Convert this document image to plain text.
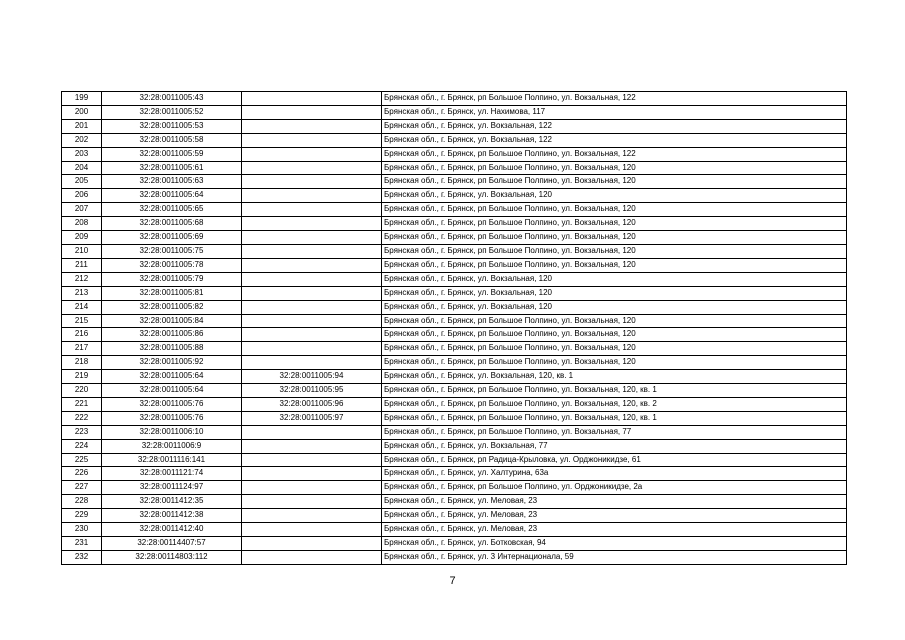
199	32:28:0011005:43		Брянская обл., г. Брянск, рп Большое Полпино, ул. Вокзальная, 122
200	32:28:0011005:52		Брянская обл., г. Брянск, ул. Нахимова, 117
201	32:28:0011005:53		Брянская обл., г. Брянск, ул. Вокзальная, 122
202	32:28:0011005:58		Брянская обл., г. Брянск, ул. Вокзальная, 122
203	32:28:0011005:59		Брянская обл., г. Брянск, рп Большое Полпино, ул. Вокзальная, 122
204	32:28:0011005:61		Брянская обл., г. Брянск, рп Большое Полпино, ул. Вокзальная, 120
205	32:28:0011005:63		Брянская обл., г. Брянск, рп Большое Полпино, ул. Вокзальная, 120
206	32:28:0011005:64		Брянская обл., г. Брянск, ул. Вокзальная, 120
207	32:28:0011005:65		Брянская обл., г. Брянск, рп Большое Полпино, ул. Вокзальная, 120
208	32:28:0011005:68		Брянская обл., г. Брянск, рп Большое Полпино, ул. Вокзальная, 120
209	32:28:0011005:69		Брянская обл., г. Брянск, рп Большое Полпино, ул. Вокзальная, 120
210	32:28:0011005:75		Брянская обл., г. Брянск, рп Большое Полпино, ул. Вокзальная, 120
211	32:28:0011005:78		Брянская обл., г. Брянск, рп Большое Полпино, ул. Вокзальная, 120
212	32:28:0011005:79		Брянская обл., г. Брянск, ул. Вокзальная, 120
213	32:28:0011005:81		Брянская обл., г. Брянск, ул. Вокзальная, 120
214	32:28:0011005:82		Брянская обл., г. Брянск, ул. Вокзальная, 120
215	32:28:0011005:84		Брянская обл., г. Брянск, рп Большое Полпино, ул. Вокзальная, 120
216	32:28:0011005:86		Брянская обл., г. Брянск, рп Большое Полпино, ул. Вокзальная, 120
217	32:28:0011005:88		Брянская обл., г. Брянск, рп Большое Полпино, ул. Вокзальная, 120
218	32:28:0011005:92		Брянская обл., г. Брянск, рп Большое Полпино, ул. Вокзальная, 120
219	32:28:0011005:64	32:28:0011005:94	Брянская обл., г. Брянск, ул. Вокзальная, 120, кв. 1
220	32:28:0011005:64	32:28:0011005:95	Брянская обл., г. Брянск, рп Большое Полпино, ул. Вокзальная, 120, кв. 1
221	32:28:0011005:76	32:28:0011005:96	Брянская обл., г. Брянск, рп Большое Полпино, ул. Вокзальная, 120, кв. 2
222	32:28:0011005:76	32:28:0011005:97	Брянская обл., г. Брянск, рп Большое Полпино, ул. Вокзальная, 120, кв. 1
223	32:28:0011006:10		Брянская обл., г. Брянск, рп Большое Полпино, ул. Вокзальная, 77
224	32:28:0011006:9		Брянская обл., г. Брянск, ул. Вокзальная, 77
225	32:28:0011116:141		Брянская обл., г. Брянск, рп Радица-Крыловка, ул. Орджоникидзе, 61
226	32:28:0011121:74		Брянская обл., г. Брянск, ул. Халтурина, 63а
227	32:28:0011124:97		Брянская обл., г. Брянск, рп Большое Полпино, ул. Орджоникидзе, 2а
228	32:28:0011412:35		Брянская обл., г. Брянск, ул. Меловая, 23
229	32:28:0011412:38		Брянская обл., г. Брянск, ул. Меловая, 23
230	32:28:0011412:40		Брянская обл., г. Брянск, ул. Меловая, 23
231	32:28:00114407:57		Брянская обл., г. Брянск, ул. Ботковская, 94
232	32:28:00114803:112		Брянская обл., г. Брянск, ул. 3 Интернационала, 59
7
